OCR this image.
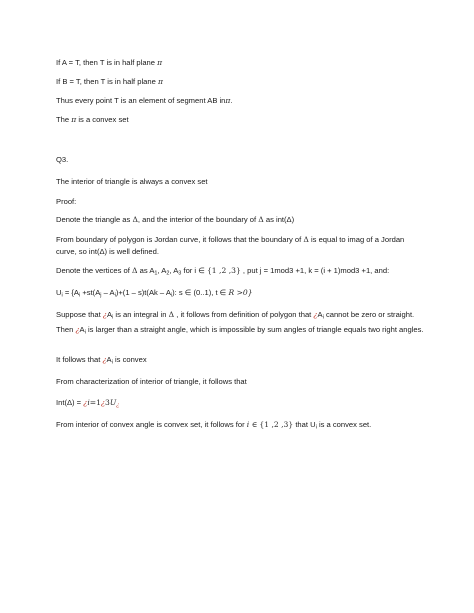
If A = T, then T is in half plane π

If B = T, then T is in half plane π

Thus every point T is an element of segment AB inπ.

The π is a convex set

Q3.

The interior of triangle is always a convex set

Proof:

Denote the triangle as Δ, and the interior of the boundary of Δ as int(Δ)

From boundary of polygon is Jordan curve, it follows that the boundary of Δ is equal to imag of a Jordan curve, so int(Δ) is well defined.

Denote the vertices of Δ as $A_1$, $A_2$, $A_3$ for i ∈ {1 ,2 ,3} , put j = 1mod3 +1, k = (i + 1)mod3 +1, and:

$U_i = \{A_i +st(A_j - A_i)+(1 - s)t(Ak - A_i)$: s ∈ (0..1), t ∈ R >0}

Suppose that ¿$A_i$ is an integral in Δ , it follows from definition of polygon that ¿$A_i$ cannot be zero or straight. Then ¿$A_i$ is larger than a straight angle, which is impossible by sum angles of triangle equals two right angles.

It follows that ¿$A_i$ is convex

From characterization of interior of triangle, it follows that

$Int(\Delta) = ¿i=1¿3U_¿$

From interior of convex angle is convex set, it follows for i ∈ {1 ,2 ,3} that $U_i$ is a convex set.
